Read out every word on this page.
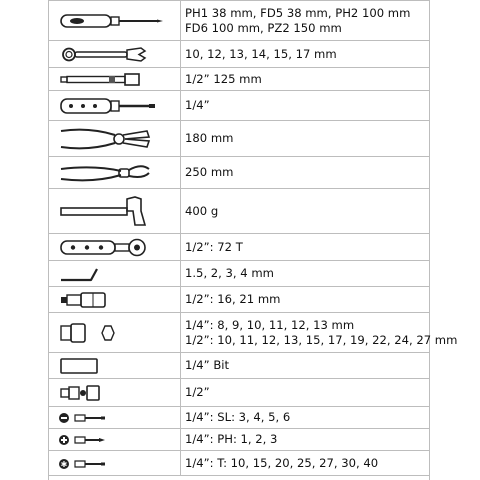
PH1 38 mm, FD5 38 mm, PH2 100 mm
FD6 100 mm, PZ2 150 mm
10, 12, 13, 14, 15, 17 mm
1/2” 125 mm
1/4”
180 mm
250 mm
400 g
1/2”: 72 T
1.5, 2, 3, 4 mm
1/2”: 16, 21 mm
1/4”: 8, 9, 10, 11, 12, 13 mm
1/2”: 10, 11, 12, 13, 15, 17, 19, 22, 24, 27 mm
1/4” Bit
1/2”
1/4”: SL: 3, 4, 5, 6
1/4”: PH: 1, 2, 3
✱	1/4”: T: 10, 15, 20, 25, 27, 30, 40
